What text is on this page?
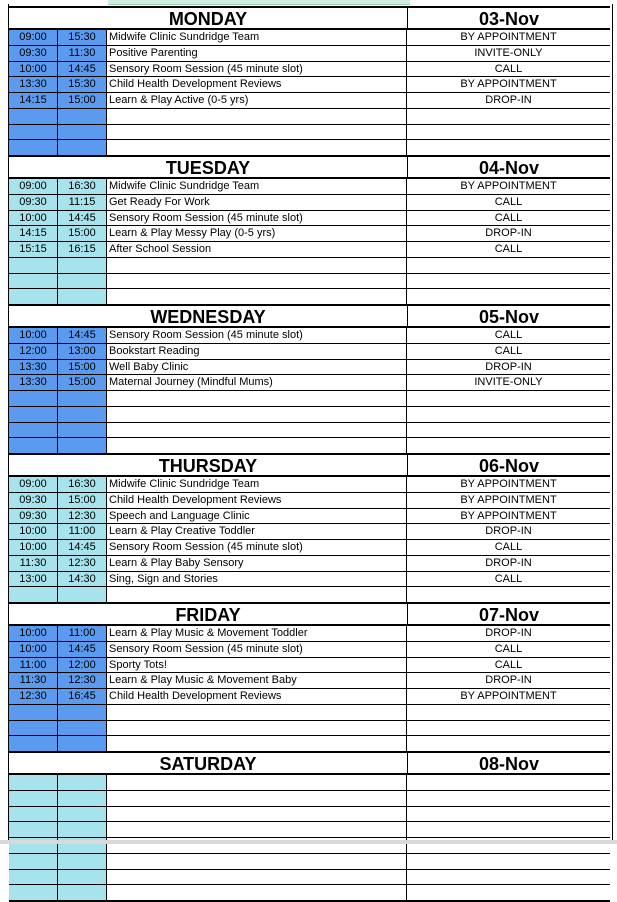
MONDAY	03-Nov
09:00	15:30	Midwife Clinic Sundridge Team	BY APPOINTMENT
09:30	11:30	Positive Parenting	INVITE-ONLY
10:00	14:45	Sensory Room Session (45 minute slot)	CALL
13:30	15:30	Child Health Development Reviews	BY APPOINTMENT
14:15	15:00	Learn & Play Active (0-5 yrs)	DROP-IN
TUESDAY	04-Nov
09:00	16:30	Midwife Clinic Sundridge Team	BY APPOINTMENT
09:30	11:15	Get Ready For Work	CALL
10:00	14:45	Sensory Room Session (45 minute slot)	CALL
14:15	15:00	Learn & Play Messy Play (0-5 yrs)	DROP-IN
15:15	16:15	After School Session	CALL
WEDNESDAY	05-Nov
10:00	14:45	Sensory Room Session (45 minute slot)	CALL
12:00	13:00	Bookstart Reading	CALL
13:30	15:00	Well Baby Clinic	DROP-IN
13:30	15:00	Maternal Journey (Mindful Mums)	INVITE-ONLY
THURSDAY	06-Nov
09:00	16:30	Midwife Clinic Sundridge Team	BY APPOINTMENT
09:30	15:00	Child Health Development Reviews	BY APPOINTMENT
09:30	12:30	Speech and Language Clinic	BY APPOINTMENT
10:00	11:00	Learn & Play Creative Toddler	DROP-IN
10:00	14:45	Sensory Room Session (45 minute slot)	CALL
11:30	12:30	Learn & Play Baby Sensory	DROP-IN
13:00	14:30	Sing, Sign and Stories	CALL
FRIDAY	07-Nov
10:00	11:00	Learn & Play Music & Movement Toddler	DROP-IN
10:00	14:45	Sensory Room Session (45 minute slot)	CALL
11:00	12:00	Sporty Tots!	CALL
11:30	12:30	Learn & Play Music & Movement Baby	DROP-IN
12:30	16:45	Child Health Development Reviews	BY APPOINTMENT
SATURDAY	08-Nov
